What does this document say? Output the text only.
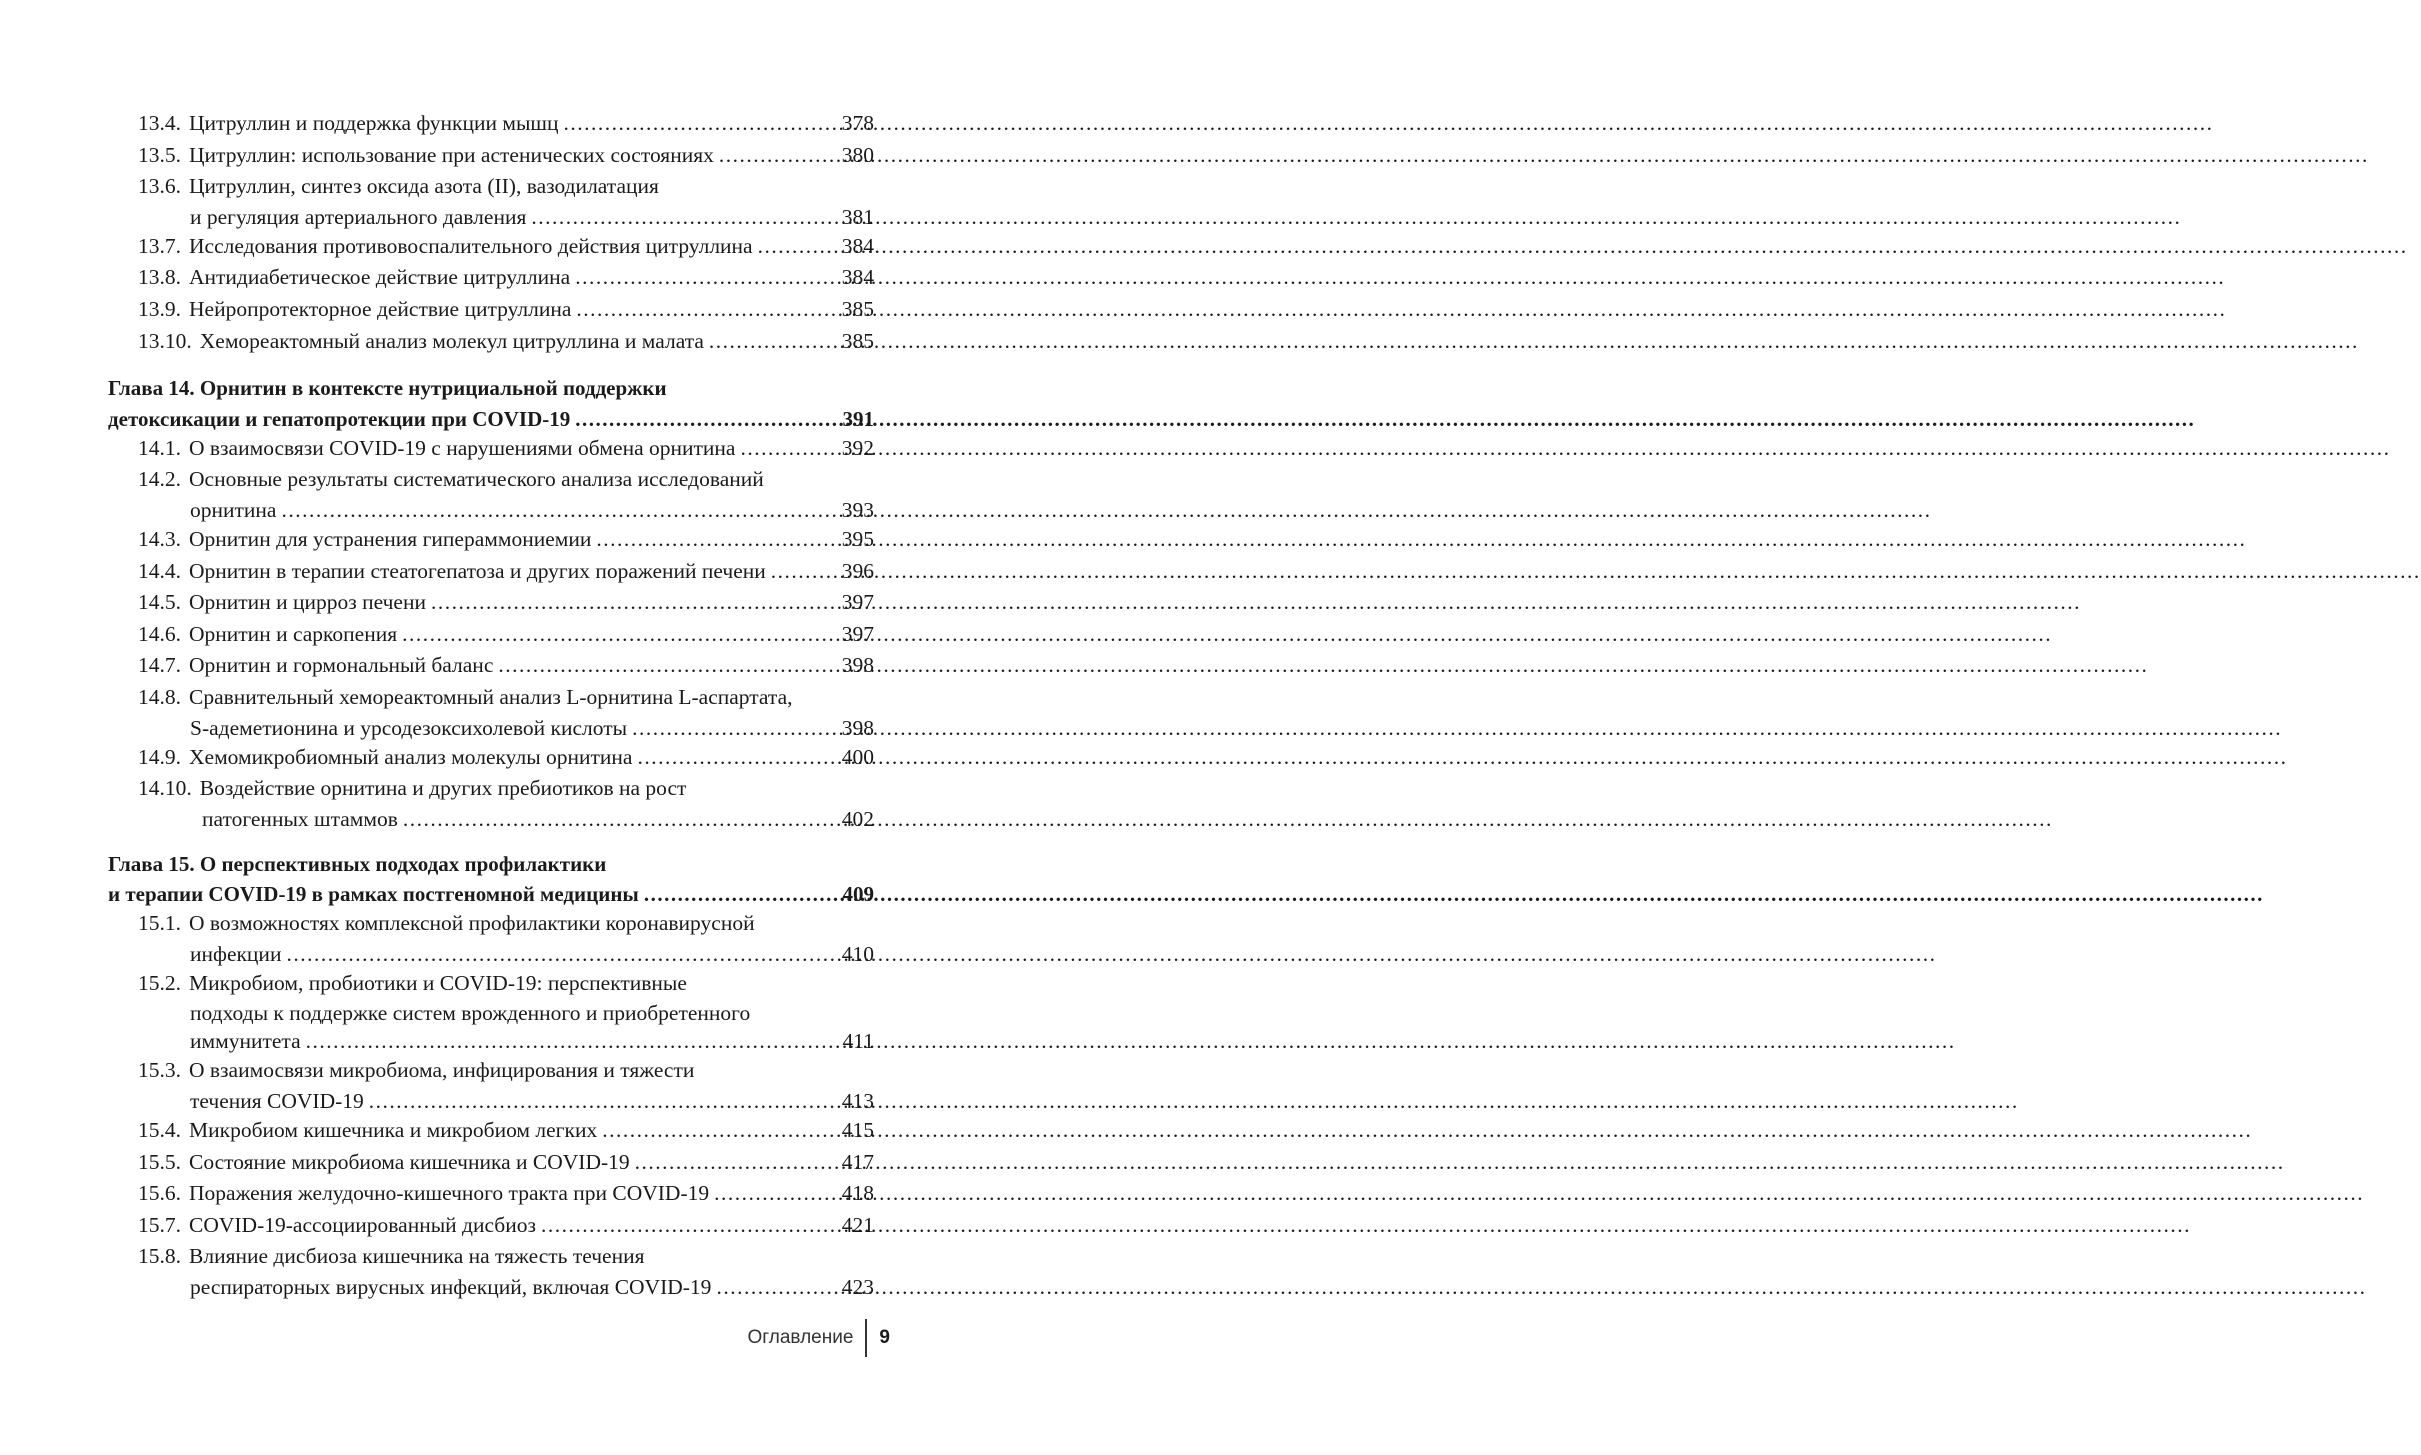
13.4. Цитруллин и поддержка функции мышц .....	378
13.5. Цитруллин: использование при астенических состояниях .....	380
13.6. Цитруллин, синтез оксида азота (II), вазодилатация
и регуляция артериального давления .....	381
13.7. Исследования противовоспалительного действия цитруллина .....	384
13.8. Антидиабетическое действие цитруллина .....	384
13.9. Нейропротекторное действие цитруллина .....	385
13.10. Хемореактомный анализ молекул цитруллина и малата .....	385
Глава 14. Орнитин в контексте нутрициальной поддержки
детоксикации и гепатопротекции при COVID-19 .....	391
14.1. О взаимосвязи COVID-19 с нарушениями обмена орнитина .....	392
14.2. Основные результаты систематического анализа исследований
орнитина .....	393
14.3. Орнитин для устранения гипераммониемии .....	395
14.4. Орнитин в терапии стеатогепатоза и других поражений печени .....	396
14.5. Орнитин и цирроз печени .....	397
14.6. Орнитин и саркопения .....	397
14.7. Орнитин и гормональный баланс .....	398
14.8. Сравнительный хемореактомный анализ L-орнитина L-аспартата,
S-адеметионина и урсодезоксихолевой кислоты .....	398
14.9. Хемомикробиомный анализ молекулы орнитина .....	400
14.10. Воздействие орнитина и других пребиотиков на рост
патогенных штаммов .....	402
Глава 15. О перспективных подходах профилактики
и терапии COVID-19 в рамках постгеномной медицины .....	409
15.1. О возможностях комплексной профилактики коронавирусной
инфекции .....	410
15.2. Микробиом, пробиотики и COVID-19: перспективные
подходы к поддержке систем врожденного и приобретенного
иммунитета .....	411
15.3. О взаимосвязи микробиома, инфицирования и тяжести
течения COVID-19 .....	413
15.4. Микробиом кишечника и микробиом легких .....	415
15.5. Состояние микробиома кишечника и COVID-19 .....	417
15.6. Поражения желудочно-кишечного тракта при COVID-19 .....	418
15.7. COVID-19-ассоциированный дисбиоз .....	421
15.8. Влияние дисбиоза кишечника на тяжесть течения
респираторных вирусных инфекций, включая COVID-19 .....	423
Оглавление	9
